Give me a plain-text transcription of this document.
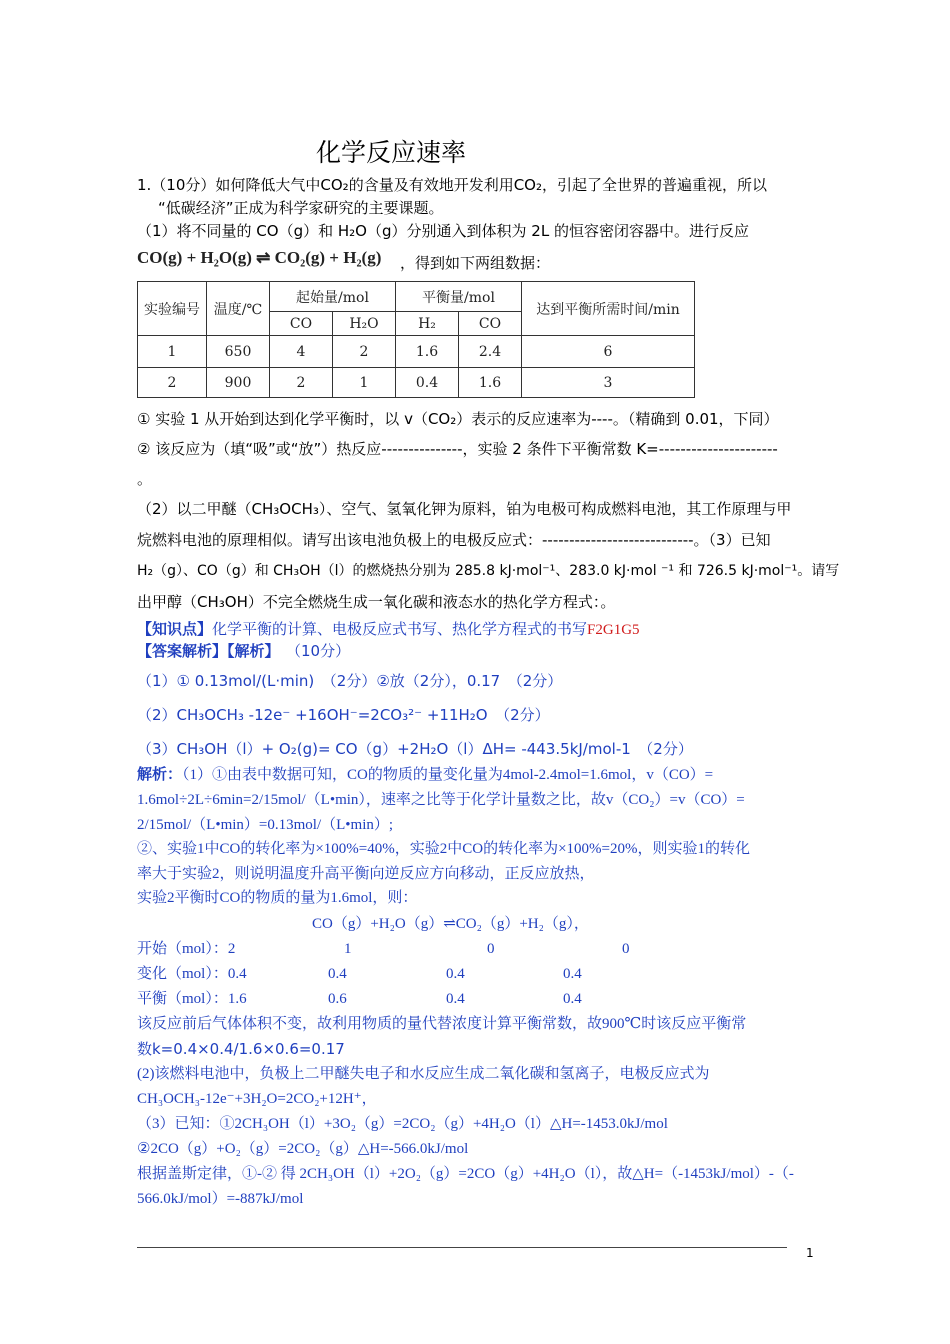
化学反应速率
1.（10分）如何降低大气中CO₂的含量及有效地开发利用CO₂，引起了全世界的普遍重视，所以
“低碳经济”正成为科学家研究的主要课题。
（1）将不同量的 CO（g）和 H₂O（g）分别通入到体积为 2L 的恒容密闭容器中。进行反应
CO(g) + H₂O(g) ⇌ CO₂(g) + H₂(g) ，得到如下两组数据：
实验编号	温度/℃	起始量/mol		平衡量/mol		达到平衡所需时间/min
		CO	H₂O	H₂	CO	
1	650	4	2	1.6	2.4	6
2	900	2	1	0.4	1.6	3
① 实验 1 从开始到达到化学平衡时，以 v（CO₂）表示的反应速率为----。（精确到 0.01，下同）
② 该反应为（填“吸”或“放”）热反应---------------，实验 2 条件下平衡常数 K=----------------------
。
（2）以二甲醚（CH₃OCH₃）、空气、氢氧化钾为原料，铂为电极可构成燃料电池，其工作原理与甲
烷燃料电池的原理相似。请写出该电池负极上的电极反应式：----------------------------。（3）已知
H₂（g）、CO（g）和 CH₃OH（l）的燃烧热分别为 285.8 kJ·mol⁻¹、283.0 kJ·mol ⁻¹ 和 726.5 kJ·mol⁻¹。请写
出甲醇（CH₃OH）不完全燃烧生成一氧化碳和液态水的热化学方程式：。
【知识点】化学平衡的计算、电极反应式书写、热化学方程式的书写F2G1G5
【答案解析】【解析】 （10分）
（1）① 0.13mol/(L·min)　（2分）②放（2分），0.17　（2分）
（2）CH₃OCH₃ -12e⁻ +16OH⁻=2CO₃²⁻ +11H₂O　（2分）
（3）CH₃OH（l）+ O₂(g)= CO（g）+2H₂O（l）ΔH= -443.5kJ/mol-1　（2分）
解析：（1）①由表中数据可知，CO的物质的量变化量为4mol-2.4mol=1.6mol，v（CO）=
1.6mol÷2L÷6min=2/15mol/（L•min），速率之比等于化学计量数之比，故v（CO₂）=v（CO）=
2/15mol/（L•min）=0.13mol/（L•min）;
②、实验1中CO的转化率为×100%=40%，实验2中CO的转化率为×100%=20%，则实验1的转化
率大于实验2，则说明温度升高平衡向逆反应方向移动，正反应放热，
实验2平衡时CO的物质的量为1.6mol，则：
CO（g）+H₂O（g）⇌CO₂（g）+H₂（g），
开始（mol）：2	1	0	0
变化（mol）：0.4	0.4	0.4	0.4
平衡（mol）：1.6	0.6	0.4	0.4
该反应前后气体体积不变，故利用物质的量代替浓度计算平衡常数，故900℃时该反应平衡常
数k=0.4×0.4/1.6×0.6=0.17
(2)该燃料电池中，负极上二甲醚失电子和水反应生成二氧化碳和氢离子，电极反应式为
CH₃OCH₃-12e⁻+3H₂O=2CO₂+12H⁺，
（3）已知：①2CH₃OH（l）+3O₂（g）=2CO₂（g）+4H₂O（l）△H=-1453.0kJ/mol
②2CO（g）+O₂（g）=2CO₂（g）△H=-566.0kJ/mol
根据盖斯定律，①-② 得 2CH₃OH（l）+2O₂（g）=2CO（g）+4H₂O（l），故△H=（-1453kJ/mol）-（-
566.0kJ/mol）=-887kJ/mol
1
